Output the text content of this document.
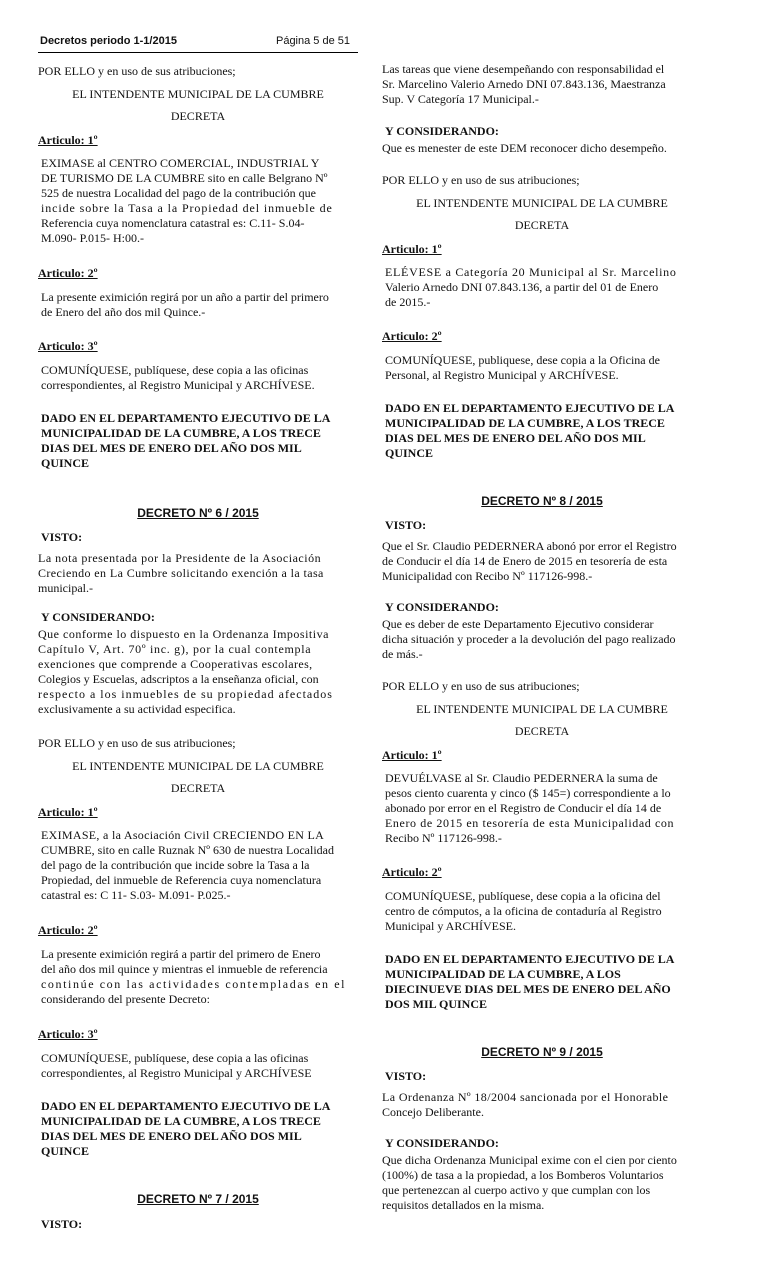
Decretos periodo 1-1/2015	Página 5 de 51

POR ELLO y en uso de sus atribuciones;

EL INTENDENTE MUNICIPAL DE LA CUMBRE

DECRETA

Articulo: 1º

EXIMASE al CENTRO COMERCIAL, INDUSTRIAL Y
DE TURISMO DE LA CUMBRE sito en calle Belgrano Nº
525 de nuestra Localidad del pago de la contribución que
incide sobre la Tasa a la Propiedad del inmueble de
Referencia cuya nomenclatura catastral es: C.11- S.04-
M.090- P.015- H:00.-

Articulo: 2º

La presente eximición regirá por un año a partir del primero
de Enero del año dos mil Quince.-

Articulo: 3º

COMUNÍQUESE, publíquese, dese copia a las oficinas
correspondientes, al Registro Municipal y ARCHÍVESE.
DADO EN EL DEPARTAMENTO EJECUTIVO DE LA
MUNICIPALIDAD DE LA CUMBRE, A LOS TRECE
DIAS DEL MES DE ENERO DEL AÑO DOS MIL
QUINCE

DECRETO Nº 6 / 2015

VISTO:

La nota presentada por la Presidente de la Asociación
Creciendo en La Cumbre solicitando exención a la tasa
municipal.-

Y CONSIDERANDO:

Que conforme lo dispuesto en la Ordenanza Impositiva
Capítulo V, Art. 70º inc. g), por la cual contempla
exenciones que comprende a Cooperativas escolares,
Colegios y Escuelas, adscriptos a la enseñanza oficial, con
respecto a los inmuebles de su propiedad afectados
exclusivamente a su actividad especifica.

POR ELLO y en uso de sus atribuciones;

EL INTENDENTE MUNICIPAL DE LA CUMBRE

DECRETA

Articulo: 1º

EXIMASE, a la Asociación Civil CRECIENDO EN LA
CUMBRE, sito en calle Ruznak Nº 630 de nuestra Localidad
del pago de la contribución que incide sobre la Tasa a la
Propiedad, del inmueble de Referencia cuya nomenclatura
catastral es: C 11- S.03- M.091- P.025.-

Articulo: 2º

La presente eximición regirá a partir del primero de Enero
del año dos mil quince y mientras el inmueble de referencia
continúe con las actividades contempladas en el
considerando del presente Decreto:

Articulo: 3º

COMUNÍQUESE, publíquese, dese copia a las oficinas
correspondientes, al Registro Municipal y ARCHÍVESE
DADO EN EL DEPARTAMENTO EJECUTIVO DE LA
MUNICIPALIDAD DE LA CUMBRE, A LOS TRECE
DIAS DEL MES DE ENERO DEL AÑO DOS MIL
QUINCE

DECRETO Nº 7 / 2015

VISTO:

Las tareas que viene desempeñando con responsabilidad el
Sr. Marcelino Valerio Arnedo DNI 07.843.136, Maestranza
Sup. V Categoría 17 Municipal.-

Y CONSIDERANDO:

Que es menester de este DEM reconocer dicho desempeño.

POR ELLO y en uso de sus atribuciones;

EL INTENDENTE MUNICIPAL DE LA CUMBRE

DECRETA

Articulo: 1º

ELÉVESE a Categoría 20 Municipal al Sr. Marcelino
Valerio Arnedo DNI 07.843.136, a partir del 01 de Enero
de 2015.-

Articulo: 2º

COMUNÍQUESE, publiquese, dese copia a la Oficina de
Personal, al Registro Municipal y ARCHÍVESE.
DADO EN EL DEPARTAMENTO EJECUTIVO DE LA
MUNICIPALIDAD DE LA CUMBRE, A LOS TRECE
DIAS DEL MES DE ENERO DEL AÑO DOS MIL
QUINCE

DECRETO Nº 8 / 2015

VISTO:

Que el Sr. Claudio PEDERNERA abonó por error el Registro
de Conducir el día 14 de Enero de 2015 en tesorería de esta
Municipalidad con Recibo Nº 117126-998.-

Y CONSIDERANDO:

Que es deber de este Departamento Ejecutivo considerar
dicha situación y proceder a la devolución del pago realizado
de más.-

POR ELLO y en uso de sus atribuciones;

EL INTENDENTE MUNICIPAL DE LA CUMBRE

DECRETA

Articulo: 1º

DEVUÉLVASE al Sr. Claudio PEDERNERA la suma de
pesos ciento cuarenta y cinco ($ 145=) correspondiente a lo
abonado por error en el Registro de Conducir el día 14 de
Enero de 2015 en tesorería de esta Municipalidad con
Recibo Nº 117126-998.-

Articulo: 2º

COMUNÍQUESE, publíquese, dese copia a la oficina del
centro de cómputos, a la oficina de contaduría al Registro
Municipal y ARCHÍVESE.
DADO EN EL DEPARTAMENTO EJECUTIVO DE LA
MUNICIPALIDAD DE LA CUMBRE, A LOS
DIECINUEVE DIAS DEL MES DE ENERO DEL AÑO
DOS MIL QUINCE

DECRETO Nº 9 / 2015

VISTO:

La Ordenanza Nº 18/2004 sancionada por el Honorable
Concejo Deliberante.

Y CONSIDERANDO:

Que dicha Ordenanza Municipal exime con el cien por ciento
(100%) de tasa a la propiedad, a los Bomberos Voluntarios
que pertenezcan al cuerpo activo y que cumplan con los
requisitos detallados en la misma.
